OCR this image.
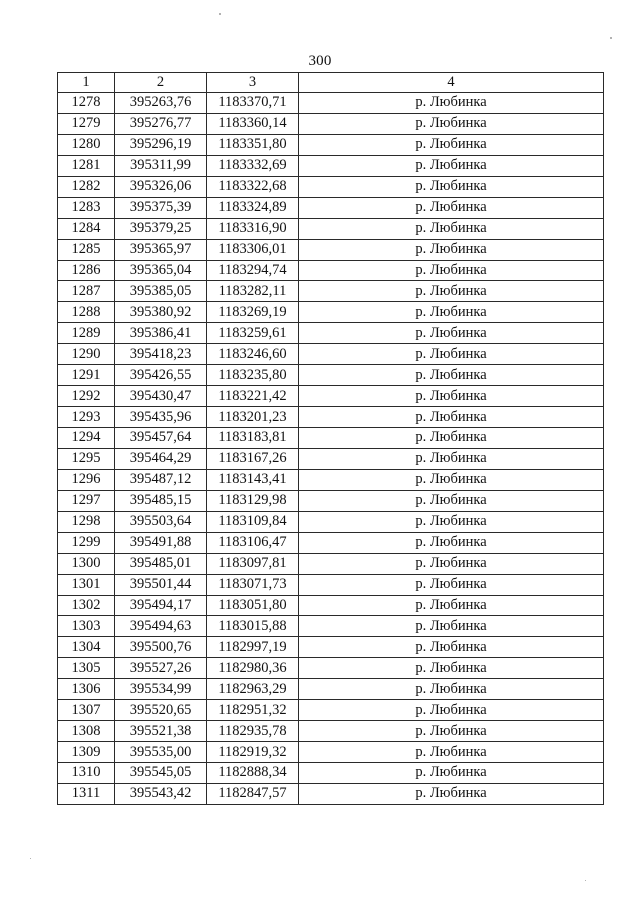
300
1	2	3	4
1278	395263,76	1183370,71	р. Любинка
1279	395276,77	1183360,14	р. Любинка
1280	395296,19	1183351,80	р. Любинка
1281	395311,99	1183332,69	р. Любинка
1282	395326,06	1183322,68	р. Любинка
1283	395375,39	1183324,89	р. Любинка
1284	395379,25	1183316,90	р. Любинка
1285	395365,97	1183306,01	р. Любинка
1286	395365,04	1183294,74	р. Любинка
1287	395385,05	1183282,11	р. Любинка
1288	395380,92	1183269,19	р. Любинка
1289	395386,41	1183259,61	р. Любинка
1290	395418,23	1183246,60	р. Любинка
1291	395426,55	1183235,80	р. Любинка
1292	395430,47	1183221,42	р. Любинка
1293	395435,96	1183201,23	р. Любинка
1294	395457,64	1183183,81	р. Любинка
1295	395464,29	1183167,26	р. Любинка
1296	395487,12	1183143,41	р. Любинка
1297	395485,15	1183129,98	р. Любинка
1298	395503,64	1183109,84	р. Любинка
1299	395491,88	1183106,47	р. Любинка
1300	395485,01	1183097,81	р. Любинка
1301	395501,44	1183071,73	р. Любинка
1302	395494,17	1183051,80	р. Любинка
1303	395494,63	1183015,88	р. Любинка
1304	395500,76	1182997,19	р. Любинка
1305	395527,26	1182980,36	р. Любинка
1306	395534,99	1182963,29	р. Любинка
1307	395520,65	1182951,32	р. Любинка
1308	395521,38	1182935,78	р. Любинка
1309	395535,00	1182919,32	р. Любинка
1310	395545,05	1182888,34	р. Любинка
1311	395543,42	1182847,57	р. Любинка
